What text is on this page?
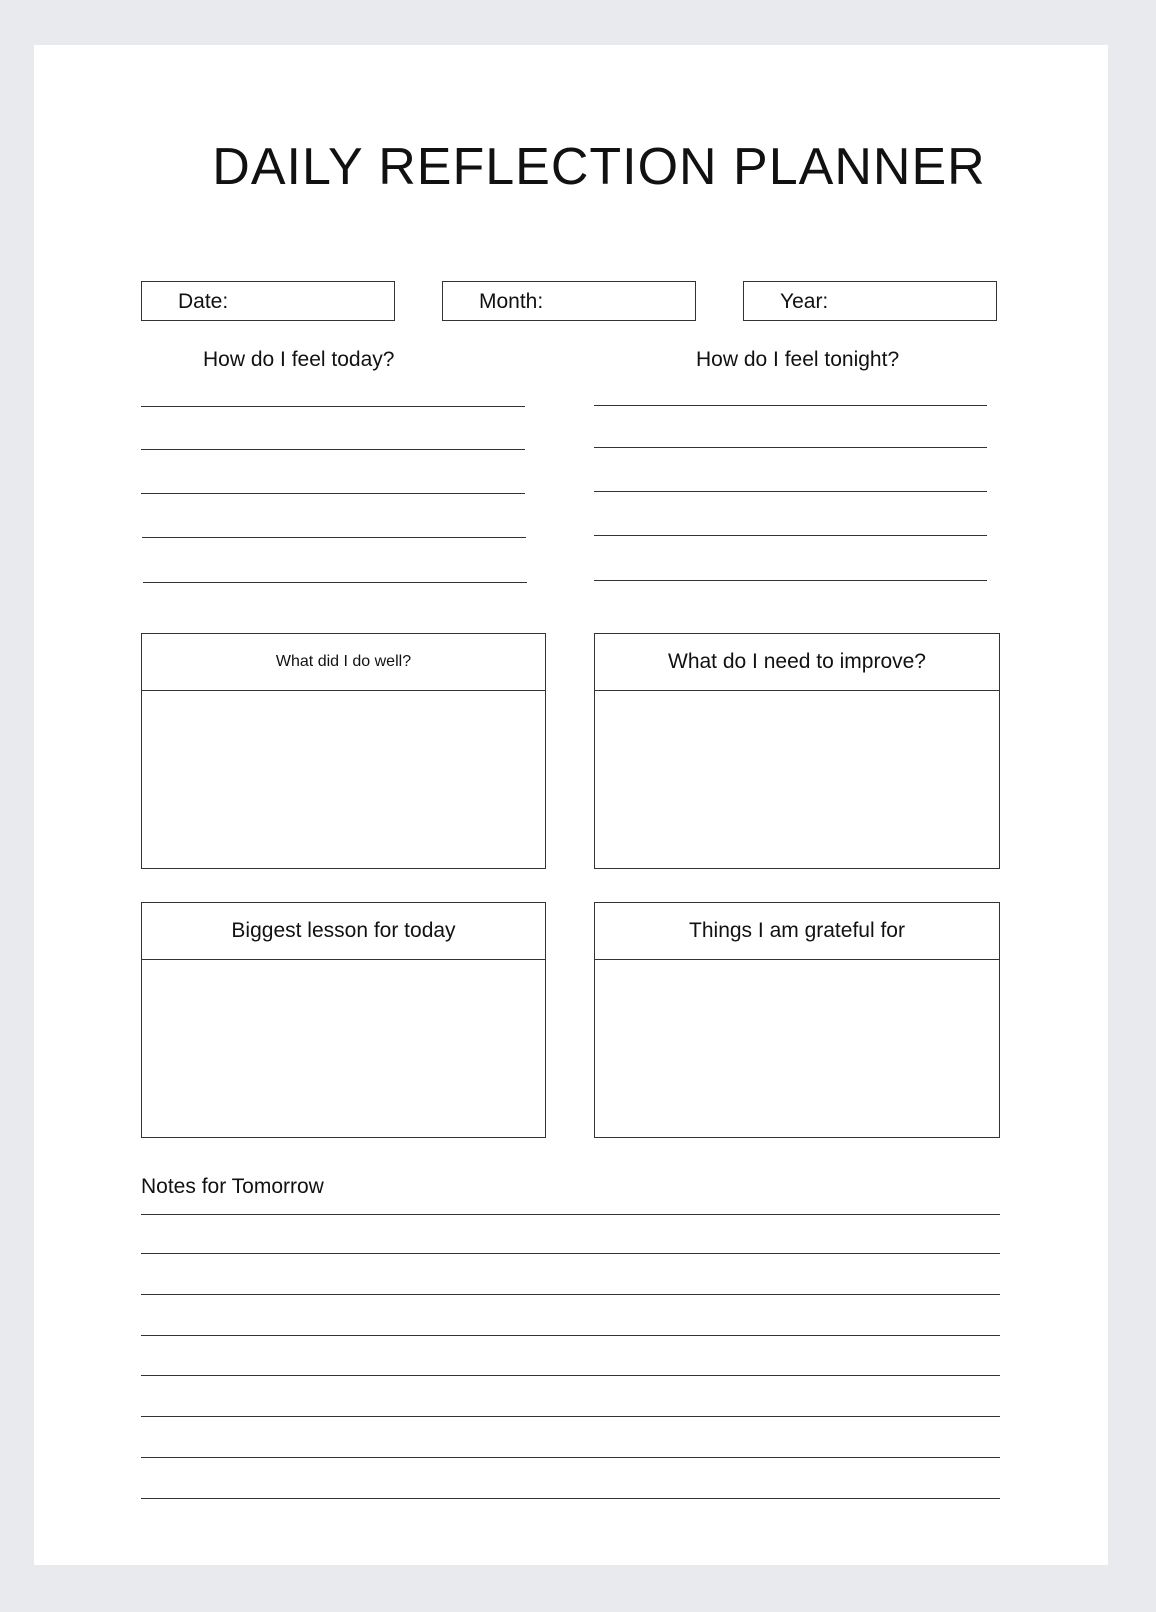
DAILY REFLECTION PLANNER
Date:	Month:	Year:
How do I feel today?	How do I feel tonight?
What did I do well?	What do I need to improve?
Biggest lesson for today	Things I am grateful for
Notes for Tomorrow
